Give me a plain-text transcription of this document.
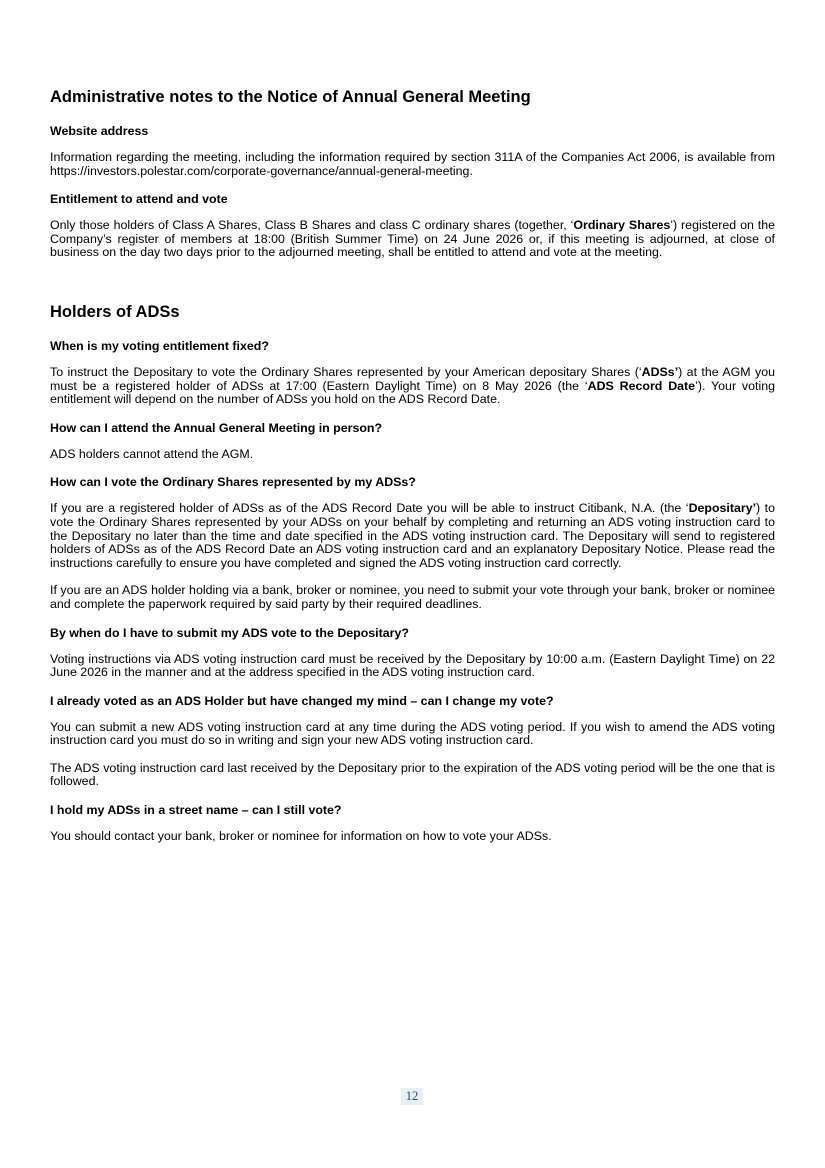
Administrative notes to the Notice of Annual General Meeting
Website address

Information regarding the meeting, including the information required by section 311A of the Companies Act 2006, is available from https://investors.polestar.com/corporate-governance/annual-general-meeting.

Entitlement to attend and vote

Only those holders of Class A Shares, Class B Shares and class C ordinary shares (together, ‘Ordinary Shares’) registered on the Company’s register of members at 18:00 (British Summer Time) on 24 June 2026 or, if this meeting is adjourned, at close of business on the day two days prior to the adjourned meeting, shall be entitled to attend and vote at the meeting.

Holders of ADSs
When is my voting entitlement fixed?

To instruct the Depositary to vote the Ordinary Shares represented by your American depositary Shares (‘ADSs’) at the AGM you must be a registered holder of ADSs at 17:00 (Eastern Daylight Time) on 8 May 2026 (the ‘ADS Record Date’). Your voting entitlement will depend on the number of ADSs you hold on the ADS Record Date.

How can I attend the Annual General Meeting in person?

ADS holders cannot attend the AGM.

How can I vote the Ordinary Shares represented by my ADSs?

If you are a registered holder of ADSs as of the ADS Record Date you will be able to instruct Citibank, N.A. (the ‘Depositary’) to vote the Ordinary Shares represented by your ADSs on your behalf by completing and returning an ADS voting instruction card to the Depositary no later than the time and date specified in the ADS voting instruction card. The Depositary will send to registered holders of ADSs as of the ADS Record Date an ADS voting instruction card and an explanatory Depositary Notice. Please read the instructions carefully to ensure you have completed and signed the ADS voting instruction card correctly.

If you are an ADS holder holding via a bank, broker or nominee, you need to submit your vote through your bank, broker or nominee and complete the paperwork required by said party by their required deadlines.

By when do I have to submit my ADS vote to the Depositary?

Voting instructions via ADS voting instruction card must be received by the Depositary by 10:00 a.m. (Eastern Daylight Time) on 22 June 2026 in the manner and at the address specified in the ADS voting instruction card.

I already voted as an ADS Holder but have changed my mind – can I change my vote?

You can submit a new ADS voting instruction card at any time during the ADS voting period. If you wish to amend the ADS voting instruction card you must do so in writing and sign your new ADS voting instruction card.

The ADS voting instruction card last received by the Depositary prior to the expiration of the ADS voting period will be the one that is followed.

I hold my ADSs in a street name – can I still vote?

You should contact your bank, broker or nominee for information on how to vote your ADSs.

12
